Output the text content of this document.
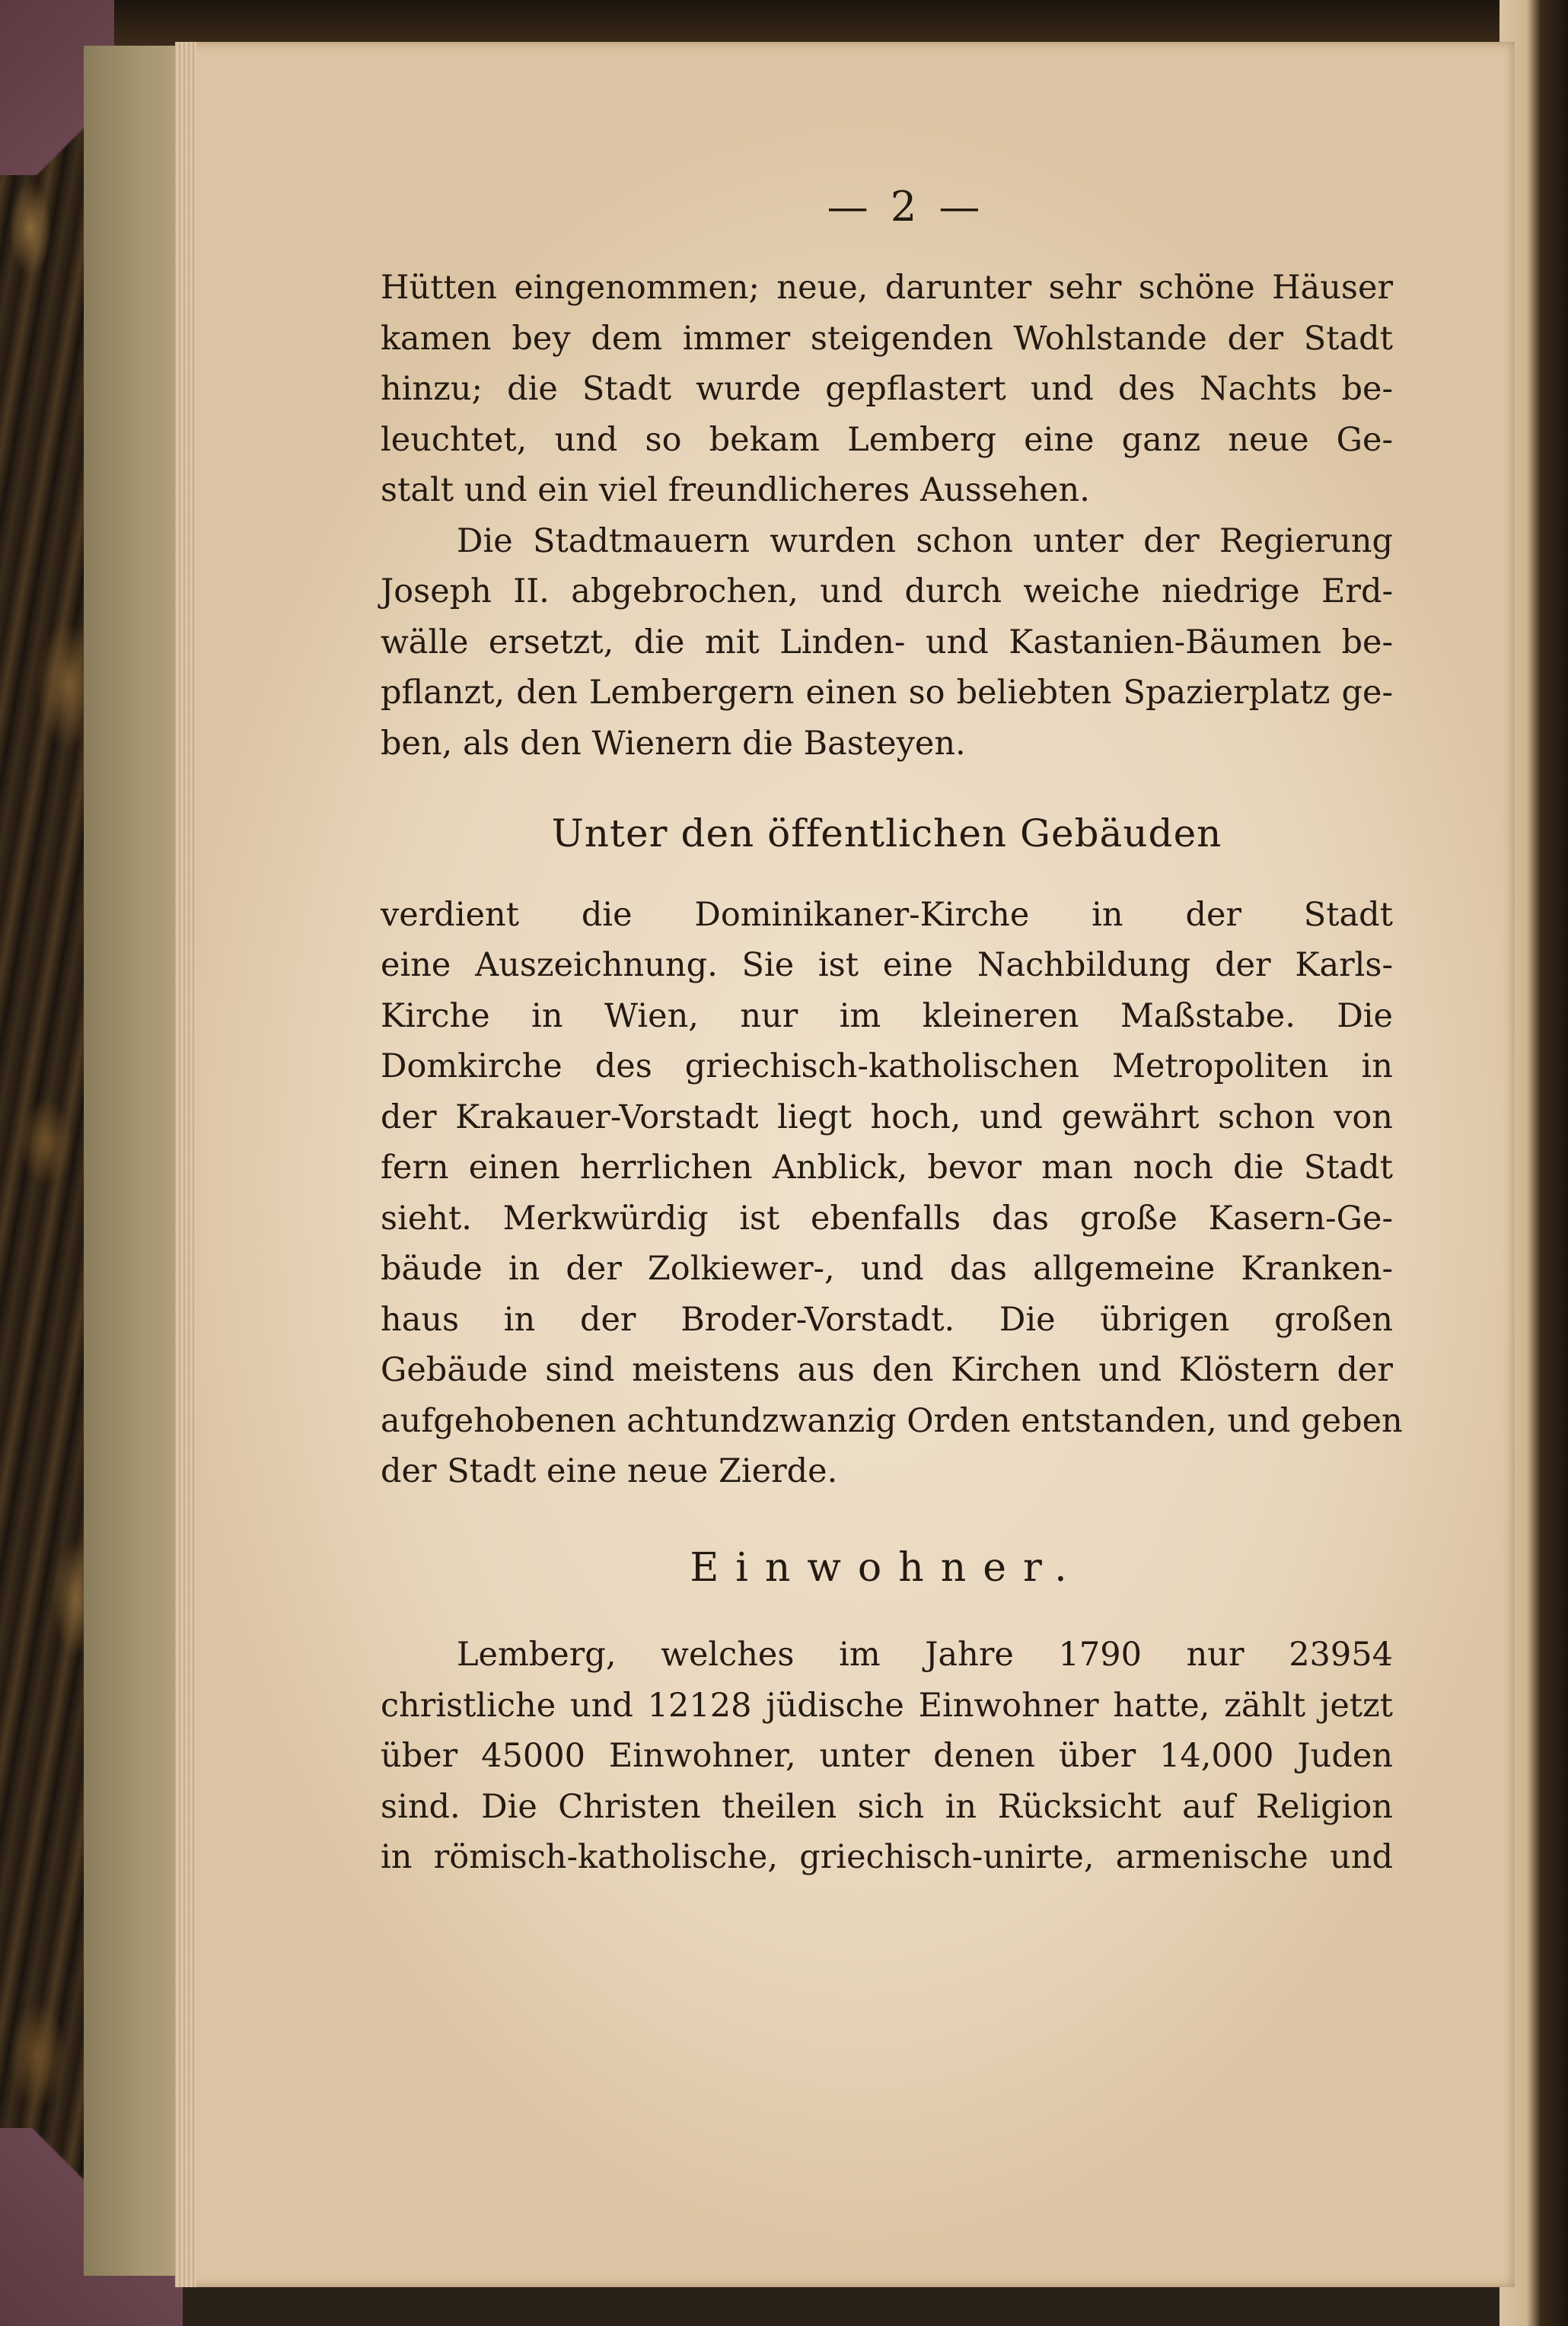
— 2 —
Hütten eingenommen; neue, darunter sehr schöne Häuser
kamen bey dem immer steigenden Wohlstande der Stadt
hinzu; die Stadt wurde gepflastert und des Nachts be-
leuchtet, und so bekam Lemberg eine ganz neue Ge-
stalt und ein viel freundlicheres Aussehen.
Die Stadtmauern wurden schon unter der Regierung
Joseph II. abgebrochen, und durch weiche niedrige Erd-
wälle ersetzt, die mit Linden- und Kastanien-Bäumen be-
pflanzt, den Lembergern einen so beliebten Spazierplatz ge-
ben, als den Wienern die Basteyen.
Unter den öffentlichen Gebäuden
verdient die Dominikaner-Kirche in der Stadt
eine Auszeichnung. Sie ist eine Nachbildung der Karls-
Kirche in Wien, nur im kleineren Maßstabe. Die
Domkirche des griechisch-katholischen Metropoliten in
der Krakauer-Vorstadt liegt hoch, und gewährt schon von
fern einen herrlichen Anblick, bevor man noch die Stadt
sieht. Merkwürdig ist ebenfalls das große Kasern-Ge-
bäude in der Zolkiewer-, und das allgemeine Kranken-
haus in der Broder-Vorstadt. Die übrigen großen
Gebäude sind meistens aus den Kirchen und Klöstern der
aufgehobenen achtundzwanzig Orden entstanden, und geben
der Stadt eine neue Zierde.
Einwohner.
Lemberg, welches im Jahre 1790 nur 23954
christliche und 12128 jüdische Einwohner hatte, zählt jetzt
über 45000 Einwohner, unter denen über 14,000 Juden
sind. Die Christen theilen sich in Rücksicht auf Religion
in römisch-katholische, griechisch-unirte, armenische und
